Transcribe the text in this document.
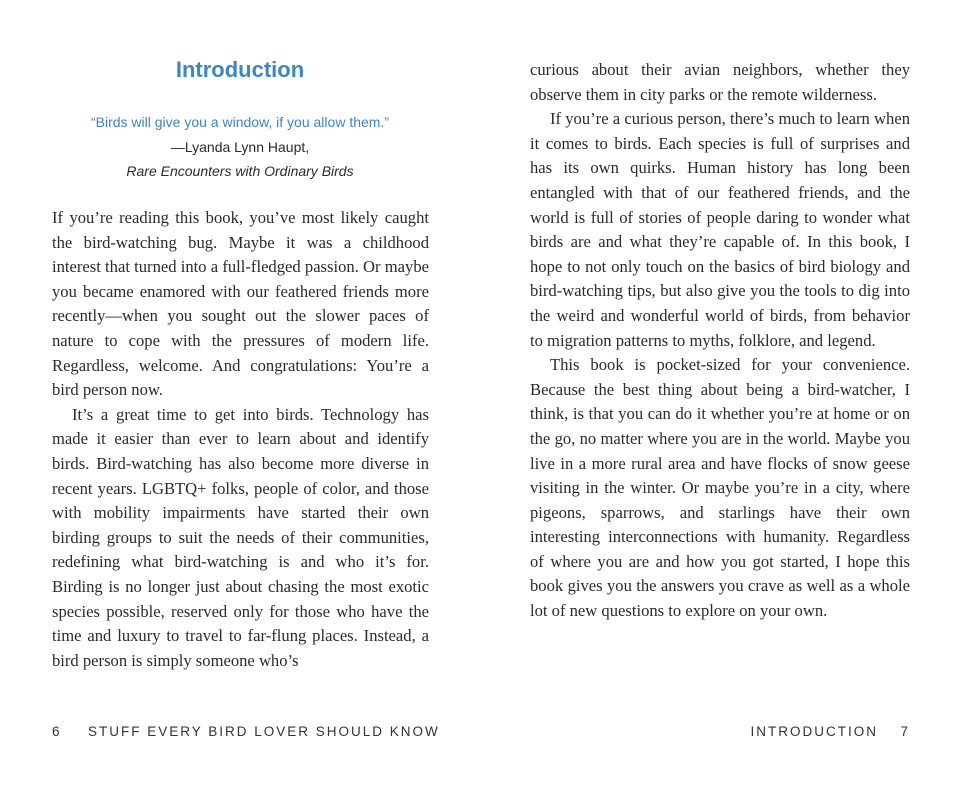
Introduction
“Birds will give you a window, if you allow them.”
—Lyanda Lynn Haupt,
Rare Encounters with Ordinary Birds

If you’re reading this book, you’ve most likely caught the bird-watching bug. Maybe it was a childhood interest that turned into a full-fledged passion. Or maybe you became enamored with our feathered friends more recently—when you sought out the slower paces of nature to cope with the pressures of modern life. Regardless, welcome. And congratulations: You’re a bird person now.

It’s a great time to get into birds. Technology has made it easier than ever to learn about and identify birds. Bird-watching has also become more diverse in recent years. LGBTQ+ folks, people of color, and those with mobility impairments have started their own birding groups to suit the needs of their communities, redefining what bird-watching is and who it’s for. Birding is no longer just about chasing the most exotic species possible, reserved only for those who have the time and luxury to travel to far-flung places. Instead, a bird person is simply someone who’s

6 STUFF EVERY BIRD LOVER SHOULD KNOW

curious about their avian neighbors, whether they observe them in city parks or the remote wilderness.

If you’re a curious person, there’s much to learn when it comes to birds. Each species is full of surprises and has its own quirks. Human history has long been entangled with that of our feathered friends, and the world is full of stories of people daring to wonder what birds are and what they’re capable of. In this book, I hope to not only touch on the basics of bird biology and bird-watching tips, but also give you the tools to dig into the weird and wonderful world of birds, from behavior to migration patterns to myths, folklore, and legend.

This book is pocket-sized for your convenience. Because the best thing about being a bird-watcher, I think, is that you can do it whether you’re at home or on the go, no matter where you are in the world. Maybe you live in a more rural area and have flocks of snow geese visiting in the winter. Or maybe you’re in a city, where pigeons, sparrows, and starlings have their own interesting interconnections with humanity. Regardless of where you are and how you got started, I hope this book gives you the answers you crave as well as a whole lot of new questions to explore on your own.

INTRODUCTION 7
